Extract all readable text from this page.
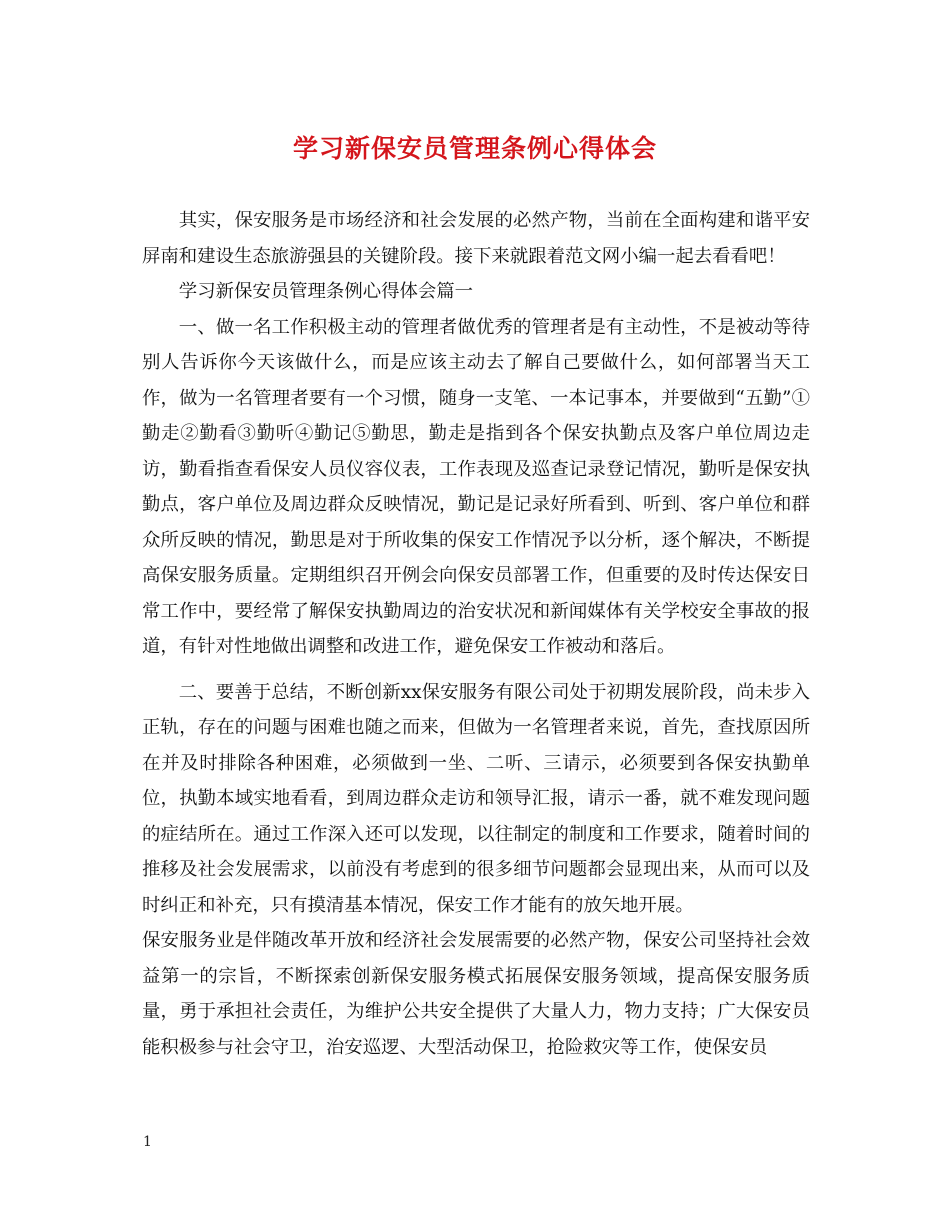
学习新保安员管理条例心得体会

其实，保安服务是市场经济和社会发展的必然产物，当前在全面构建和谐平安屏南和建设生态旅游强县的关键阶段。接下来就跟着范文网小编一起去看看吧！

学习新保安员管理条例心得体会篇一

一、做一名工作积极主动的管理者做优秀的管理者是有主动性，不是被动等待别人告诉你今天该做什么，而是应该主动去了解自己要做什么，如何部署当天工作，做为一名管理者要有一个习惯，随身一支笔、一本记事本，并要做到“五勤”①勤走②勤看③勤听④勤记⑤勤思，勤走是指到各个保安执勤点及客户单位周边走访，勤看指查看保安人员仪容仪表，工作表现及巡查记录登记情况，勤听是保安执勤点，客户单位及周边群众反映情况，勤记是记录好所看到、听到、客户单位和群众所反映的情况，勤思是对于所收集的保安工作情况予以分析，逐个解决，不断提高保安服务质量。定期组织召开例会向保安员部署工作，但重要的及时传达保安日常工作中，要经常了解保安执勤周边的治安状况和新闻媒体有关学校安全事故的报道，有针对性地做出调整和改进工作，避免保安工作被动和落后。

二、要善于总结，不断创新xx保安服务有限公司处于初期发展阶段，尚未步入正轨，存在的问题与困难也随之而来，但做为一名管理者来说，首先，查找原因所在并及时排除各种困难，必须做到一坐、二听、三请示，必须要到各保安执勤单位，执勤本域实地看看，到周边群众走访和领导汇报，请示一番，就不难发现问题的症结所在。通过工作深入还可以发现，以往制定的制度和工作要求，随着时间的推移及社会发展需求，以前没有考虑到的很多细节问题都会显现出来，从而可以及时纠正和补充，只有摸清基本情况，保安工作才能有的放矢地开展。

保安服务业是伴随改革开放和经济社会发展需要的必然产物，保安公司坚持社会效益第一的宗旨，不断探索创新保安服务模式拓展保安服务领域，提高保安服务质量，勇于承担社会责任，为维护公共安全提供了大量人力，物力支持；广大保安员能积极参与社会守卫，治安巡逻、大型活动保卫，抢险救灾等工作，使保安员

1
